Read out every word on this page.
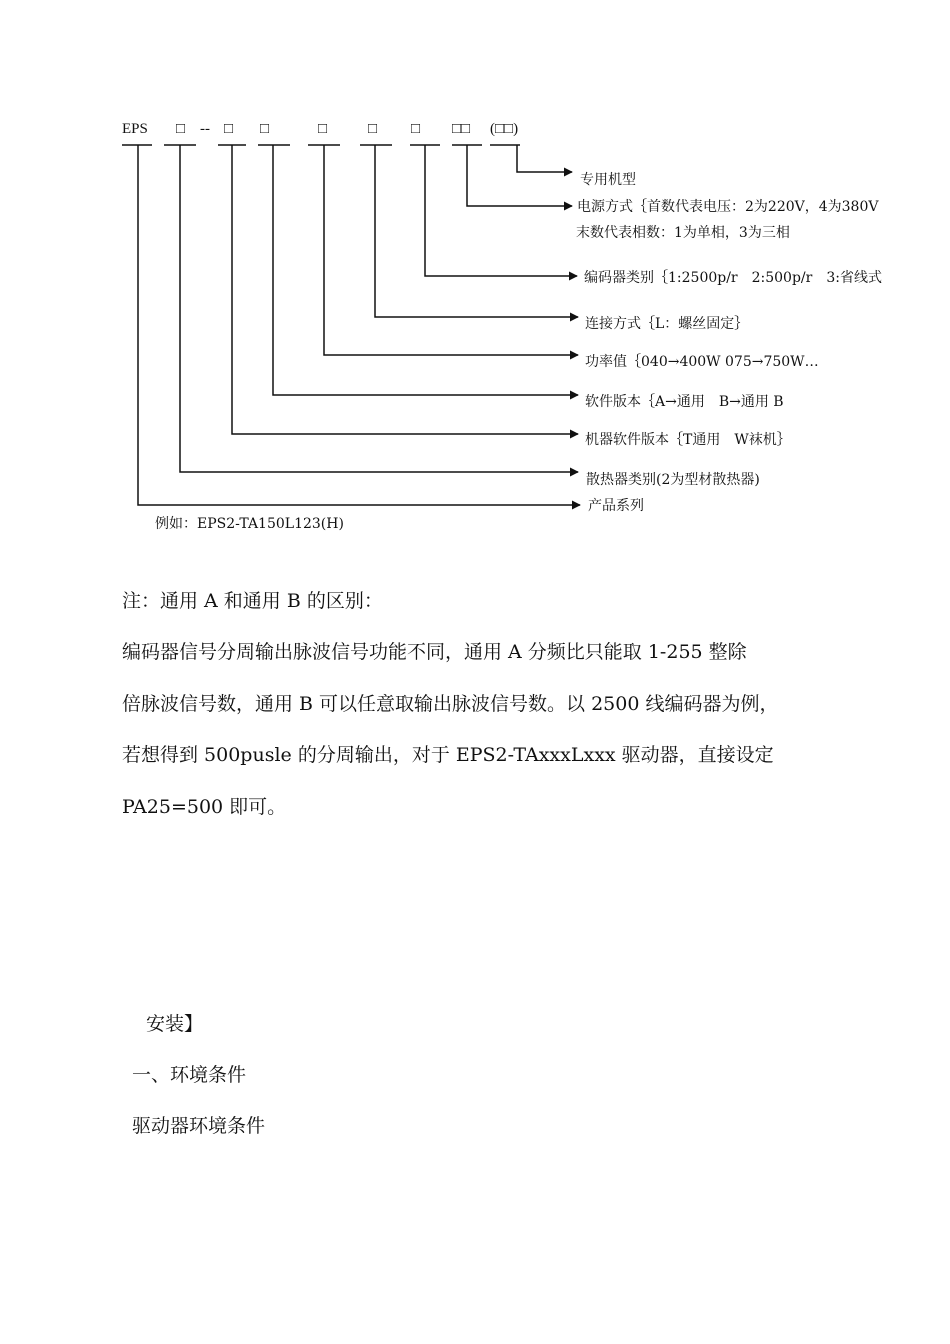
EPS □ -- □ □	□	□ □ □□ (□□)
专用机型
电源方式｛首数代表电压：2为220V，4为380V
末数代表相数：1为单相，3为三相
编码器类别｛1:2500p/r　2:500p/r　3:省线式
连接方式｛L：螺丝固定｝
功率值｛040→400W 075→750W…
软件版本｛A→通用　B→通用 B
机器软件版本｛T通用　W袜机｝
散热器类别(2为型材散热器)
产品系列
例如：EPS2-TA150L123(H)
注：通用 A 和通用 B 的区别：
编码器信号分周输出脉波信号功能不同，通用 A 分频比只能取 1-255 整除
倍脉波信号数，通用 B 可以任意取输出脉波信号数。以 2500 线编码器为例，
若想得到 500pusle 的分周输出，对于 EPS2-TAxxxLxxx 驱动器，直接设定
PA25=500 即可。
安装】
一、环境条件
驱动器环境条件
